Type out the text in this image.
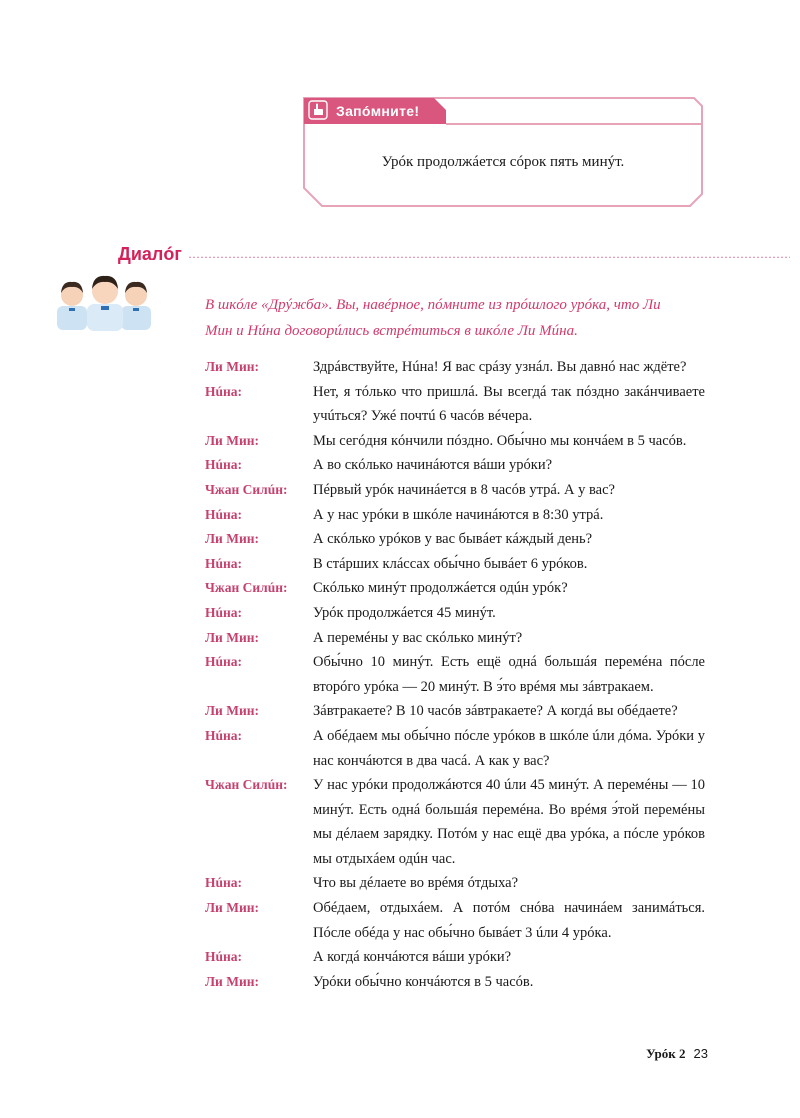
Запóмните!
Урóк продолжáется сóрок пять минýт.
Диалóг
В шкóле «Дрýжба». Вы, навéрное, пóмните из прóшлого урóка, что Ли Мин и Нúна договорúлись встрéтиться в шкóле Ли Мúна.
Ли Мин:	Здрáвствуйте, Нúна! Я вас срáзу узнáл. Вы давнó нас ждёте?
Нúна:	Нет, я тóлько что пришлá. Вы всегдá так пóздно закáнчиваете учúться? Ужé почтú 6 часóв вéчера.
Ли Мин:	Мы сегóдня кóнчили пóздно. Обы́чно мы кончáем в 5 часóв.
Нúна:	А во скóлько начинáются вáши урóки?
Чжан Силúн:	Пéрвый урóк начинáется в 8 часóв утрá. А у вас?
Нúна:	А у нас урóки в шкóле начинáются в 8:30 утрá.
Ли Мин:	А скóлько урóков у вас бывáет кáждый день?
Нúна:	В стáрших клáссах обы́чно бывáет 6 урóков.
Чжан Силúн:	Скóлько минýт продолжáется одúн урóк?
Нúна:	Урóк продолжáется 45 минýт.
Ли Мин:	А перемéны у вас скóлько минýт?
Нúна:	Обы́чно 10 минýт. Есть ещё однá большáя перемéна пóсле вторóго урóка — 20 минýт. В э́то врéмя мы зáвтракаем.
Ли Мин:	Зáвтракаете? В 10 часóв зáвтракаете? А когдá вы обéдаете?
Нúна:	А обéдаем мы обы́чно пóсле урóков в шкóле úли дóма. Урóки у нас кончáются в два часá. А как у вас?
Чжан Силúн:	У нас урóки продолжáются 40 úли 45 минýт. А перемéны — 10 минýт. Есть однá большáя перемéна. Во врéмя э́той перемéны мы дéлаем зарядку. Потóм у нас ещё два урóка, а пóсле урóков мы отдыхáем одúн час.
Нúна:	Что вы дéлаете во врéмя óтдыха?
Ли Мин:	Обéдаем, отдыхáем. А потóм снóва начинáем занимáться. Пóсле обéда у нас обы́чно бывáет 3 úли 4 урóка.
Нúна:	А когдá кончáются вáши урóки?
Ли Мин:	Урóки обы́чно кончáются в 5 часóв.
Урóк 2 23
